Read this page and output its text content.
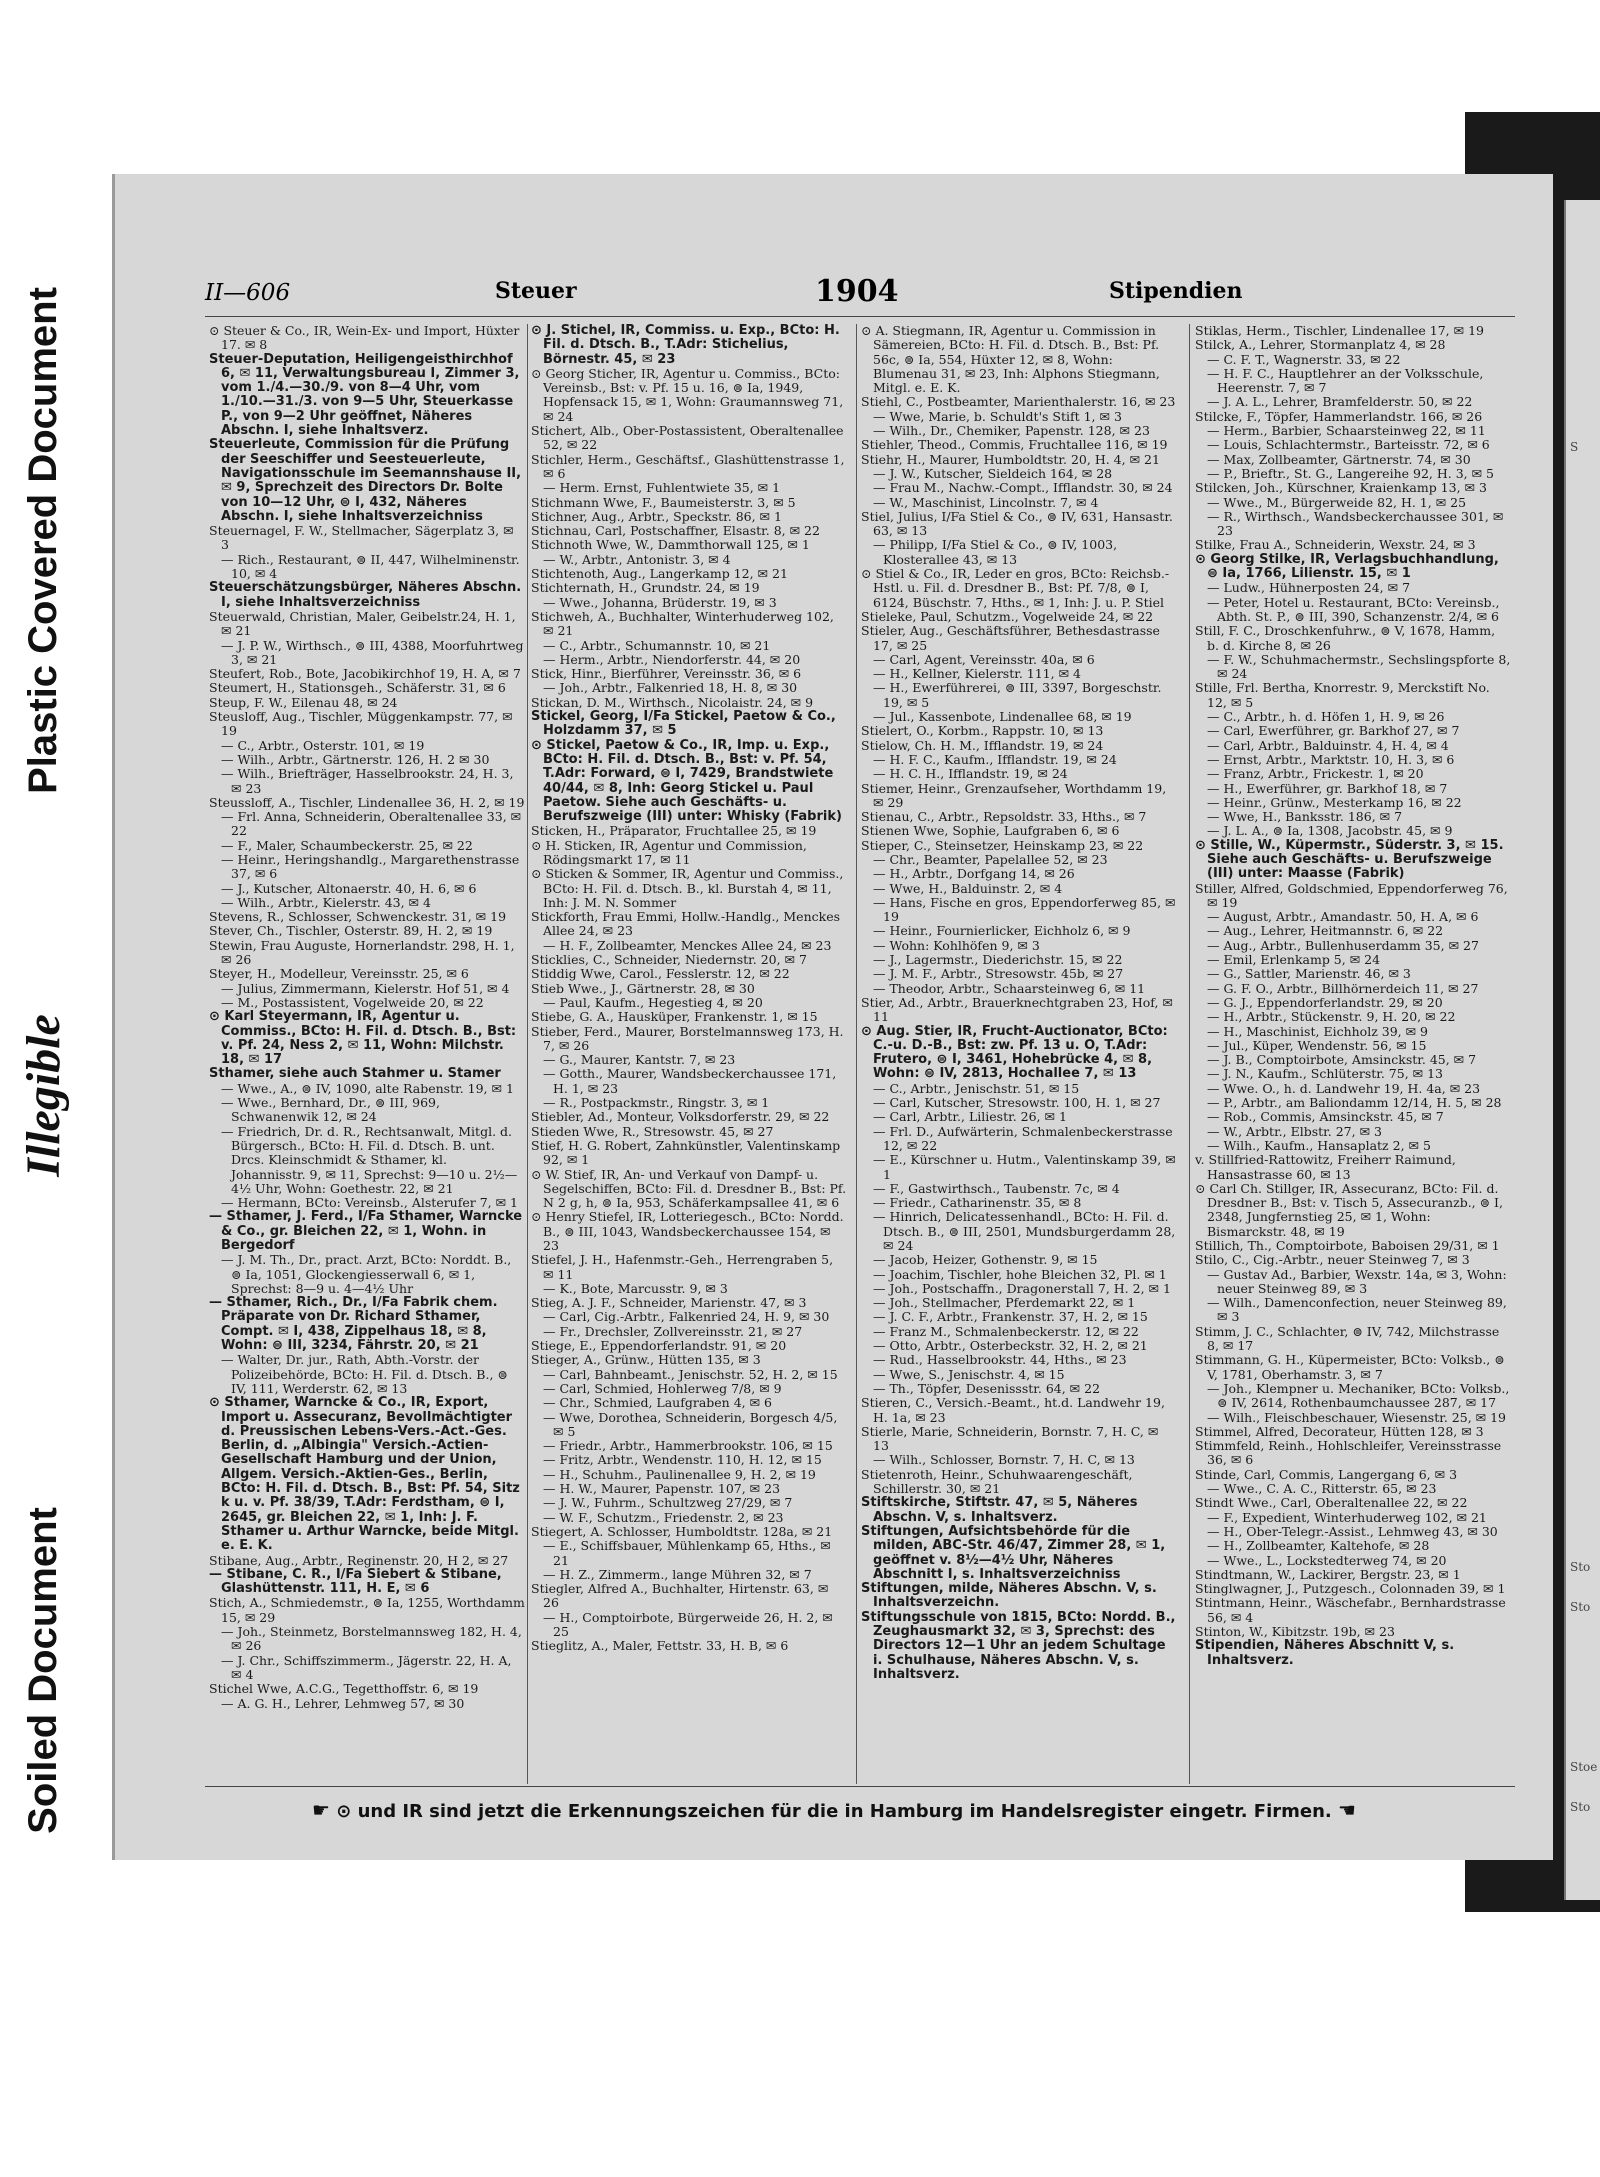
Plastic Covered Document
Illegible
Soiled Document
S
Sto
Sto
Stoe
Sto
II—606	Steuer	1904	Stipendien

⊙ Steuer & Co., IR, Wein-Ex- und Import, Hüxter 17. ✉ 8

Steuer-Deputation, Heiligengeisthirchhof 6, ✉ 11, Verwaltungsbureau I, Zimmer 3, vom 1./4.—30./9. von 8—4 Uhr, vom 1./10.—31./3. von 9—5 Uhr, Steuerkasse P., von 9—2 Uhr geöffnet, Näheres Abschn. I, siehe Inhaltsverz.

Steuerleute, Commission für die Prüfung der Seeschiffer und Seesteuerleute, Navigationsschule im Seemannshause II, ✉ 9, Sprechzeit des Directors Dr. Bolte von 10—12 Uhr, ⊜ I, 432, Näheres Abschn. I, siehe Inhaltsverzeichniss

Steuernagel, F. W., Stellmacher, Sägerplatz 3, ✉ 3

— Rich., Restaurant, ⊜ II, 447, Wilhelminenstr. 10, ✉ 4

Steuerschätzungsbürger, Näheres Abschn. I, siehe Inhaltsverzeichniss

Steuerwald, Christian, Maler, Geibelstr.24, H. 1, ✉ 21

— J. P. W., Wirthsch., ⊜ III, 4388, Moorfuhrtweg 3, ✉ 21

Steufert, Rob., Bote, Jacobikirchhof 19, H. A, ✉ 7

Steumert, H., Stationsgeh., Schäferstr. 31, ✉ 6

Steup, F. W., Eilenau 48, ✉ 24

Steusloff, Aug., Tischler, Müggenkampstr. 77, ✉ 19

— C., Arbtr., Osterstr. 101, ✉ 19

— Wilh., Arbtr., Gärtnerstr. 126, H. 2 ✉ 30

— Wilh., Briefträger, Hasselbrookstr. 24, H. 3, ✉ 23

Steussloff, A., Tischler, Lindenallee 36, H. 2, ✉ 19

— Frl. Anna, Schneiderin, Oberaltenallee 33, ✉ 22

— F., Maler, Schaumbeckerstr. 25, ✉ 22

— Heinr., Heringshandlg., Margarethenstrasse 37, ✉ 6

— J., Kutscher, Altonaerstr. 40, H. 6, ✉ 6

— Wilh., Arbtr., Kielerstr. 43, ✉ 4

Stevens, R., Schlosser, Schwenckestr. 31, ✉ 19

Stever, Ch., Tischler, Osterstr. 89, H. 2, ✉ 19

Stewin, Frau Auguste, Hornerlandstr. 298, H. 1, ✉ 26

Steyer, H., Modelleur, Vereinsstr. 25, ✉ 6

— Julius, Zimmermann, Kielerstr. Hof 51, ✉ 4

— M., Postassistent, Vogelweide 20, ✉ 22

⊙ Karl Steyermann, IR, Agentur u. Commiss., BCto: H. Fil. d. Dtsch. B., Bst: v. Pf. 24, Ness 2, ✉ 11, Wohn: Milchstr. 18, ✉ 17

Sthamer, siehe auch Stahmer u. Stamer

— Wwe., A., ⊜ IV, 1090, alte Rabenstr. 19, ✉ 1

— Wwe., Bernhard, Dr., ⊜ III, 969, Schwanenwik 12, ✉ 24

— Friedrich, Dr. d. R., Rechtsanwalt, Mitgl. d. Bürgersch., BCto: H. Fil. d. Dtsch. B. unt. Drcs. Kleinschmidt & Sthamer, kl. Johannisstr. 9, ✉ 11, Sprechst: 9—10 u. 2½—4½ Uhr, Wohn: Goethestr. 22, ✉ 21

— Hermann, BCto: Vereinsb., Alsterufer 7, ✉ 1

— Sthamer, J. Ferd., I/Fa Sthamer, Warncke & Co., gr. Bleichen 22, ✉ 1, Wohn. in Bergedorf

— J. M. Th., Dr., pract. Arzt, BCto: Norddt. B., ⊜ Ia, 1051, Glockengiesserwall 6, ✉ 1, Sprechst: 8—9 u. 4—4½ Uhr

— Sthamer, Rich., Dr., I/Fa Fabrik chem. Präparate von Dr. Richard Sthamer, Compt. ✉ I, 438, Zippelhaus 18, ✉ 8, Wohn: ⊜ III, 3234, Fährstr. 20, ✉ 21

— Walter, Dr. jur., Rath, Abth.-Vorstr. der Polizeibehörde, BCto: H. Fil. d. Dtsch. B., ⊜ IV, 111, Werderstr. 62, ✉ 13

⊙ Sthamer, Warncke & Co., IR, Export, Import u. Assecuranz, Bevollmächtigter d. Preussischen Lebens-Vers.-Act.-Ges. Berlin, d. „Albingia" Versich.-Actien-Gesellschaft Hamburg und der Union, Allgem. Versich.-Aktien-Ges., Berlin, BCto: H. Fil. d. Dtsch. B., Bst: Pf. 54, Sitz k u. v. Pf. 38/39, T.Adr: Ferdstham, ⊜ I, 2645, gr. Bleichen 22, ✉ 1, Inh: J. F. Sthamer u. Arthur Warncke, beide Mitgl. e. E. K.

Stibane, Aug., Arbtr., Reginenstr. 20, H 2, ✉ 27

— Stibane, C. R., I/Fa Siebert & Stibane, Glashüttenstr. 111, H. E, ✉ 6

Stich, A., Schmiedemstr., ⊜ Ia, 1255, Worthdamm 15, ✉ 29

— Joh., Steinmetz, Borstelmannsweg 182, H. 4, ✉ 26

— J. Chr., Schiffszimmerm., Jägerstr. 22, H. A, ✉ 4

Stichel Wwe, A.C.G., Tegetthoffstr. 6, ✉ 19

— A. G. H., Lehrer, Lehmweg 57, ✉ 30

⊙ J. Stichel, IR, Commiss. u. Exp., BCto: H. Fil. d. Dtsch. B., T.Adr: Stichelius, Börnestr. 45, ✉ 23

⊙ Georg Sticher, IR, Agentur u. Commiss., BCto: Vereinsb., Bst: v. Pf. 15 u. 16, ⊜ Ia, 1949, Hopfensack 15, ✉ 1, Wohn: Graumannsweg 71, ✉ 24

Stichert, Alb., Ober-Postassistent, Oberaltenallee 52, ✉ 22

Stichler, Herm., Geschäftsf., Glashüttenstrasse 1, ✉ 6

— Herm. Ernst, Fuhlentwiete 35, ✉ 1

Stichmann Wwe, F., Baumeisterstr. 3, ✉ 5

Stichner, Aug., Arbtr., Speckstr. 86, ✉ 1

Stichnau, Carl, Postschaffner, Elsastr. 8, ✉ 22

Stichnoth Wwe, W., Dammthorwall 125, ✉ 1

— W., Arbtr., Antonistr. 3, ✉ 4

Stichtenoth, Aug., Langerkamp 12, ✉ 21

Stichternath, H., Grundstr. 24, ✉ 19

— Wwe., Johanna, Brüderstr. 19, ✉ 3

Stichweh, A., Buchhalter, Winterhuderweg 102, ✉ 21

— C., Arbtr., Schumannstr. 10, ✉ 21

— Herm., Arbtr., Niendorferstr. 44, ✉ 20

Stick, Hinr., Bierführer, Vereinsstr. 36, ✉ 6

— Joh., Arbtr., Falkenried 18, H. 8, ✉ 30

Stickan, D. M., Wirthsch., Nicolaistr. 24, ✉ 9

Stickel, Georg, I/Fa Stickel, Paetow & Co., Holzdamm 37, ✉ 5

⊙ Stickel, Paetow & Co., IR, Imp. u. Exp., BCto: H. Fil. d. Dtsch. B., Bst: v. Pf. 54, T.Adr: Forward, ⊜ I, 7429, Brandstwiete 40/44, ✉ 8, Inh: Georg Stickel u. Paul Paetow. Siehe auch Geschäfts- u. Berufszweige (III) unter: Whisky (Fabrik)

Sticken, H., Präparator, Fruchtallee 25, ✉ 19

⊙ H. Sticken, IR, Agentur und Commission, Rödingsmarkt 17, ✉ 11

⊙ Sticken & Sommer, IR, Agentur und Commiss., BCto: H. Fil. d. Dtsch. B., kl. Burstah 4, ✉ 11, Inh: J. M. N. Sommer

Stickforth, Frau Emmi, Hollw.-Handlg., Menckes Allee 24, ✉ 23

— H. F., Zollbeamter, Menckes Allee 24, ✉ 23

Sticklies, C., Schneider, Niedernstr. 20, ✉ 7

Stiddig Wwe, Carol., Fesslerstr. 12, ✉ 22

Stieb Wwe., J., Gärtnerstr. 28, ✉ 30

— Paul, Kaufm., Hegestieg 4, ✉ 20

Stiebe, G. A., Hausküper, Frankenstr. 1, ✉ 15

Stieber, Ferd., Maurer, Borstelmannsweg 173, H. 7, ✉ 26

— G., Maurer, Kantstr. 7, ✉ 23

— Gotth., Maurer, Wandsbeckerchaussee 171, H. 1, ✉ 23

— R., Postpackmstr., Ringstr. 3, ✉ 1

Stiebler, Ad., Monteur, Volksdorferstr. 29, ✉ 22

Stieden Wwe, R., Stresowstr. 45, ✉ 27

Stief, H. G. Robert, Zahnkünstler, Valentinskamp 92, ✉ 1

⊙ W. Stief, IR, An- und Verkauf von Dampf- u. Segelschiffen, BCto: Fil. d. Dresdner B., Bst: Pf. N 2 g, h, ⊜ Ia, 953, Schäferkampsallee 41, ✉ 6

⊙ Henry Stiefel, IR, Lotteriegesch., BCto: Nordd. B., ⊜ III, 1043, Wandsbeckerchaussee 154, ✉ 23

Stiefel, J. H., Hafenmstr.-Geh., Herrengraben 5, ✉ 11

— K., Bote, Marcusstr. 9, ✉ 3

Stieg, A. J. F., Schneider, Marienstr. 47, ✉ 3

— Carl, Cig.-Arbtr., Falkenried 24, H. 9, ✉ 30

— Fr., Drechsler, Zollvereinsstr. 21, ✉ 27

Stiege, E., Eppendorferlandstr. 91, ✉ 20

Stieger, A., Grünw., Hütten 135, ✉ 3

— Carl, Bahnbeamt., Jenischstr. 52, H. 2, ✉ 15

— Carl, Schmied, Hohlerweg 7/8, ✉ 9

— Chr., Schmied, Laufgraben 4, ✉ 6

— Wwe, Dorothea, Schneiderin, Borgesch 4/5, ✉ 5

— Friedr., Arbtr., Hammerbrookstr. 106, ✉ 15

— Fritz, Arbtr., Wendenstr. 110, H. 12, ✉ 15

— H., Schuhm., Paulinenallee 9, H. 2, ✉ 19

— H. W., Maurer, Papenstr. 107, ✉ 23

— J. W., Fuhrm., Schultzweg 27/29, ✉ 7

— W. F., Schutzm., Friedenstr. 2, ✉ 23

Stiegert, A. Schlosser, Humboldtstr. 128a, ✉ 21

— E., Schiffsbauer, Mühlenkamp 65, Hths., ✉ 21

— H. Z., Zimmerm., lange Mühren 32, ✉ 7

Stiegler, Alfred A., Buchhalter, Hirtenstr. 63, ✉ 26

— H., Comptoirbote, Bürgerweide 26, H. 2, ✉ 25

Stieglitz, A., Maler, Fettstr. 33, H. B, ✉ 6

⊙ A. Stiegmann, IR, Agentur u. Commission in Sämereien, BCto: H. Fil. d. Dtsch. B., Bst: Pf. 56c, ⊜ Ia, 554, Hüxter 12, ✉ 8, Wohn: Blumenau 31, ✉ 23, Inh: Alphons Stiegmann, Mitgl. e. E. K.

Stiehl, C., Postbeamter, Marienthalerstr. 16, ✉ 23

— Wwe, Marie, b. Schuldt's Stift 1, ✉ 3

— Wilh., Dr., Chemiker, Papenstr. 128, ✉ 23

Stiehler, Theod., Commis, Fruchtallee 116, ✉ 19

Stiehr, H., Maurer, Humboldtstr. 20, H. 4, ✉ 21

— J. W., Kutscher, Sieldeich 164, ✉ 28

— Frau M., Nachw.-Compt., Ifflandstr. 30, ✉ 24

— W., Maschinist, Lincolnstr. 7, ✉ 4

Stiel, Julius, I/Fa Stiel & Co., ⊜ IV, 631, Hansastr. 63, ✉ 13

— Philipp, I/Fa Stiel & Co., ⊜ IV, 1003, Klosterallee 43, ✉ 13

⊙ Stiel & Co., IR, Leder en gros, BCto: Reichsb.-Hstl. u. Fil. d. Dresdner B., Bst: Pf. 7/8, ⊜ I, 6124, Büschstr. 7, Hths., ✉ 1, Inh: J. u. P. Stiel

Stieleke, Paul, Schutzm., Vogelweide 24, ✉ 22

Stieler, Aug., Geschäftsführer, Bethesdastrasse 17, ✉ 25

— Carl, Agent, Vereinsstr. 40a, ✉ 6

— H., Kellner, Kielerstr. 111, ✉ 4

— H., Ewerführerei, ⊜ III, 3397, Borgeschstr. 19, ✉ 5

— Jul., Kassenbote, Lindenallee 68, ✉ 19

Stielert, O., Korbm., Rappstr. 10, ✉ 13

Stielow, Ch. H. M., Ifflandstr. 19, ✉ 24

— H. F. C., Kaufm., Ifflandstr. 19, ✉ 24

— H. C. H., Ifflandstr. 19, ✉ 24

Stiemer, Heinr., Grenzaufseher, Worthdamm 19, ✉ 29

Stienau, C., Arbtr., Repsoldstr. 33, Hths., ✉ 7

Stienen Wwe, Sophie, Laufgraben 6, ✉ 6

Stieper, C., Steinsetzer, Heinskamp 23, ✉ 22

— Chr., Beamter, Papelallee 52, ✉ 23

— H., Arbtr., Dorfgang 14, ✉ 26

— Wwe, H., Balduinstr. 2, ✉ 4

— Hans, Fische en gros, Eppendorferweg 85, ✉ 19

— Heinr., Fournierlicker, Eichholz 6, ✉ 9

— Wohn: Kohlhöfen 9, ✉ 3

— J., Lagermstr., Diederichstr. 15, ✉ 22

— J. M. F., Arbtr., Stresowstr. 45b, ✉ 27

— Theodor, Arbtr., Schaarsteinweg 6, ✉ 11

Stier, Ad., Arbtr., Brauerknechtgraben 23, Hof, ✉ 11

⊙ Aug. Stier, IR, Frucht-Auctionator, BCto: C.-u. D.-B., Bst: zw. Pf. 13 u. O, T.Adr: Frutero, ⊜ I, 3461, Hohebrücke 4, ✉ 8, Wohn: ⊜ IV, 2813, Hochallee 7, ✉ 13

— C., Arbtr., Jenischstr. 51, ✉ 15

— Carl, Kutscher, Stresowstr. 100, H. 1, ✉ 27

— Carl, Arbtr., Liliestr. 26, ✉ 1

— Frl. D., Aufwärterin, Schmalenbeckerstrasse 12, ✉ 22

— E., Kürschner u. Hutm., Valentinskamp 39, ✉ 1

— F., Gastwirthsch., Taubenstr. 7c, ✉ 4

— Friedr., Catharinenstr. 35, ✉ 8

— Hinrich, Delicatessenhandl., BCto: H. Fil. d. Dtsch. B., ⊜ III, 2501, Mundsburgerdamm 28, ✉ 24

— Jacob, Heizer, Gothenstr. 9, ✉ 15

— Joachim, Tischler, hohe Bleichen 32, Pl. ✉ 1

— Joh., Postschaffn., Dragonerstall 7, H. 2, ✉ 1

— Joh., Stellmacher, Pferdemarkt 22, ✉ 1

— J. C. F., Arbtr., Frankenstr. 37, H. 2, ✉ 15

— Franz M., Schmalenbeckerstr. 12, ✉ 22

— Otto, Arbtr., Osterbeckstr. 32, H. 2, ✉ 21

— Rud., Hasselbrookstr. 44, Hths., ✉ 23

— Wwe, S., Jenischstr. 4, ✉ 15

— Th., Töpfer, Desenissstr. 64, ✉ 22

Stieren, C., Versich.-Beamt., ht.d. Landwehr 19, H. 1a, ✉ 23

Stierle, Marie, Schneiderin, Bornstr. 7, H. C, ✉ 13

— Wilh., Schlosser, Bornstr. 7, H. C, ✉ 13

Stietenroth, Heinr., Schuhwaarengeschäft, Schillerstr. 30, ✉ 21

Stiftskirche, Stiftstr. 47, ✉ 5, Näheres Abschn. V, s. Inhaltsverz.

Stiftungen, Aufsichtsbehörde für die milden, ABC-Str. 46/47, Zimmer 28, ✉ 1, geöffnet v. 8½—4½ Uhr, Näheres Abschnitt I, s. Inhaltsverzeichniss

Stiftungen, milde, Näheres Abschn. V, s. Inhaltsverzeichn.

Stiftungsschule von 1815, BCto: Nordd. B., Zeughausmarkt 32, ✉ 3, Sprechst: des Directors 12—1 Uhr an jedem Schultage i. Schulhause, Näheres Abschn. V, s. Inhaltsverz.

Stiklas, Herm., Tischler, Lindenallee 17, ✉ 19

Stilck, A., Lehrer, Stormanplatz 4, ✉ 28

— C. F. T., Wagnerstr. 33, ✉ 22

— H. F. C., Hauptlehrer an der Volksschule, Heerenstr. 7, ✉ 7

— J. A. L., Lehrer, Bramfelderstr. 50, ✉ 22

Stilcke, F., Töpfer, Hammerlandstr. 166, ✉ 26

— Herm., Barbier, Schaarsteinweg 22, ✉ 11

— Louis, Schlachtermstr., Barteisstr. 72, ✉ 6

— Max, Zollbeamter, Gärtnerstr. 74, ✉ 30

— P., Brieftr., St. G., Langereihe 92, H. 3, ✉ 5

Stilcken, Joh., Kürschner, Kraienkamp 13, ✉ 3

— Wwe., M., Bürgerweide 82, H. 1, ✉ 25

— R., Wirthsch., Wandsbeckerchaussee 301, ✉ 23

Stilke, Frau A., Schneiderin, Wexstr. 24, ✉ 3

⊙ Georg Stilke, IR, Verlagsbuchhandlung, ⊜ Ia, 1766, Lilienstr. 15, ✉ 1

— Ludw., Hühnerposten 24, ✉ 7

— Peter, Hotel u. Restaurant, BCto: Vereinsb., Abth. St. P., ⊜ III, 390, Schanzenstr. 2/4, ✉ 6

Still, F. C., Droschkenfuhrw., ⊜ V, 1678, Hamm, b. d. Kirche 8, ✉ 26

— F. W., Schuhmachermstr., Sechslingspforte 8, ✉ 24

Stille, Frl. Bertha, Knorrestr. 9, Merckstift No. 12, ✉ 5

— C., Arbtr., h. d. Höfen 1, H. 9, ✉ 26

— Carl, Ewerführer, gr. Barkhof 27, ✉ 7

— Carl, Arbtr., Balduinstr. 4, H. 4, ✉ 4

— Ernst, Arbtr., Marktstr. 10, H. 3, ✉ 6

— Franz, Arbtr., Frickestr. 1, ✉ 20

— H., Ewerführer, gr. Barkhof 18, ✉ 7

— Heinr., Grünw., Mesterkamp 16, ✉ 22

— Wwe, H., Banksstr. 186, ✉ 7

— J. L. A., ⊜ Ia, 1308, Jacobstr. 45, ✉ 9

⊙ Stille, W., Küpermstr., Süderstr. 3, ✉ 15. Siehe auch Geschäfts- u. Berufszweige (III) unter: Maasse (Fabrik)

Stiller, Alfred, Goldschmied, Eppendorferweg 76, ✉ 19

— August, Arbtr., Amandastr. 50, H. A, ✉ 6

— Aug., Lehrer, Heitmannstr. 6, ✉ 22

— Aug., Arbtr., Bullenhuserdamm 35, ✉ 27

— Emil, Erlenkamp 5, ✉ 24

— G., Sattler, Marienstr. 46, ✉ 3

— G. F. O., Arbtr., Billhörnerdeich 11, ✉ 27

— G. J., Eppendorferlandstr. 29, ✉ 20

— H., Arbtr., Stückenstr. 9, H. 20, ✉ 22

— H., Maschinist, Eichholz 39, ✉ 9

— Jul., Küper, Wendenstr. 56, ✉ 15

— J. B., Comptoirbote, Amsinckstr. 45, ✉ 7

— J. N., Kaufm., Schlüterstr. 75, ✉ 13

— Wwe. O., h. d. Landwehr 19, H. 4a, ✉ 23

— P., Arbtr., am Baliondamm 12/14, H. 5, ✉ 28

— Rob., Commis, Amsinckstr. 45, ✉ 7

— W., Arbtr., Elbstr. 27, ✉ 3

— Wilh., Kaufm., Hansaplatz 2, ✉ 5

v. Stillfried-Rattowitz, Freiherr Raimund, Hansastrasse 60, ✉ 13

⊙ Carl Ch. Stillger, IR, Assecuranz, BCto: Fil. d. Dresdner B., Bst: v. Tisch 5, Assecuranzb., ⊜ I, 2348, Jungfernstieg 25, ✉ 1, Wohn: Bismarckstr. 48, ✉ 19

Stillich, Th., Comptoirbote, Baboisen 29/31, ✉ 1

Stilo, C., Cig.-Arbtr., neuer Steinweg 7, ✉ 3

— Gustav Ad., Barbier, Wexstr. 14a, ✉ 3, Wohn: neuer Steinweg 89, ✉ 3

— Wilh., Damenconfection, neuer Steinweg 89, ✉ 3

Stimm, J. C., Schlachter, ⊜ IV, 742, Milchstrasse 8, ✉ 17

Stimmann, G. H., Küpermeister, BCto: Volksb., ⊜ V, 1781, Oberhamstr. 3, ✉ 7

— Joh., Klempner u. Mechaniker, BCto: Volksb., ⊜ IV, 2614, Rothenbaumchaussee 287, ✉ 17

— Wilh., Fleischbeschauer, Wiesenstr. 25, ✉ 19

Stimmel, Alfred, Decorateur, Hütten 128, ✉ 3

Stimmfeld, Reinh., Hohlschleifer, Vereinsstrasse 36, ✉ 6

Stinde, Carl, Commis, Langergang 6, ✉ 3

— Wwe., C. A. C., Ritterstr. 65, ✉ 23

Stindt Wwe., Carl, Oberaltenallee 22, ✉ 22

— F., Expedient, Winterhuderweg 102, ✉ 21

— H., Ober-Telegr.-Assist., Lehmweg 43, ✉ 30

— H., Zollbeamter, Kaltehofe, ✉ 28

— Wwe., L., Lockstedterweg 74, ✉ 20

Stindtmann, W., Lackirer, Bergstr. 23, ✉ 1

Stinglwagner, J., Putzgesch., Colonnaden 39, ✉ 1

Stintmann, Heinr., Wäschefabr., Bernhardstrasse 56, ✉ 4

Stinton, W., Kibitzstr. 19b, ✉ 23

Stipendien, Näheres Abschnitt V, s. Inhaltsverz.

☛ ⊙ und IR sind jetzt die Erkennungszeichen für die in Hamburg im Handelsregister eingetr. Firmen. ☚
